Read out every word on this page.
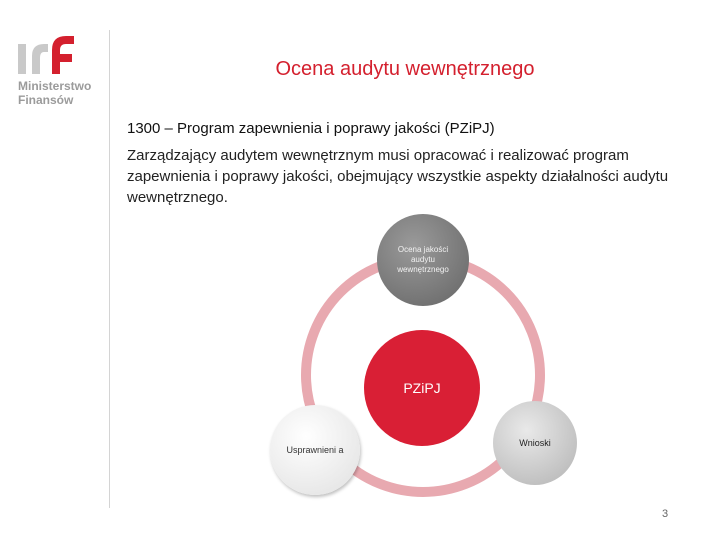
Ministerstwo
Finansów
Ocena audytu wewnętrznego
1300 – Program zapewnienia i poprawy jakości (PZiPJ)
Zarządzający audytem wewnętrznym musi opracować i realizować program zapewnienia i poprawy jakości, obejmujący wszystkie aspekty działalności audytu wewnętrznego.
Ocena jakości audytu wewnętrznego
PZiPJ
Usprawnieni a
Wnioski
3
